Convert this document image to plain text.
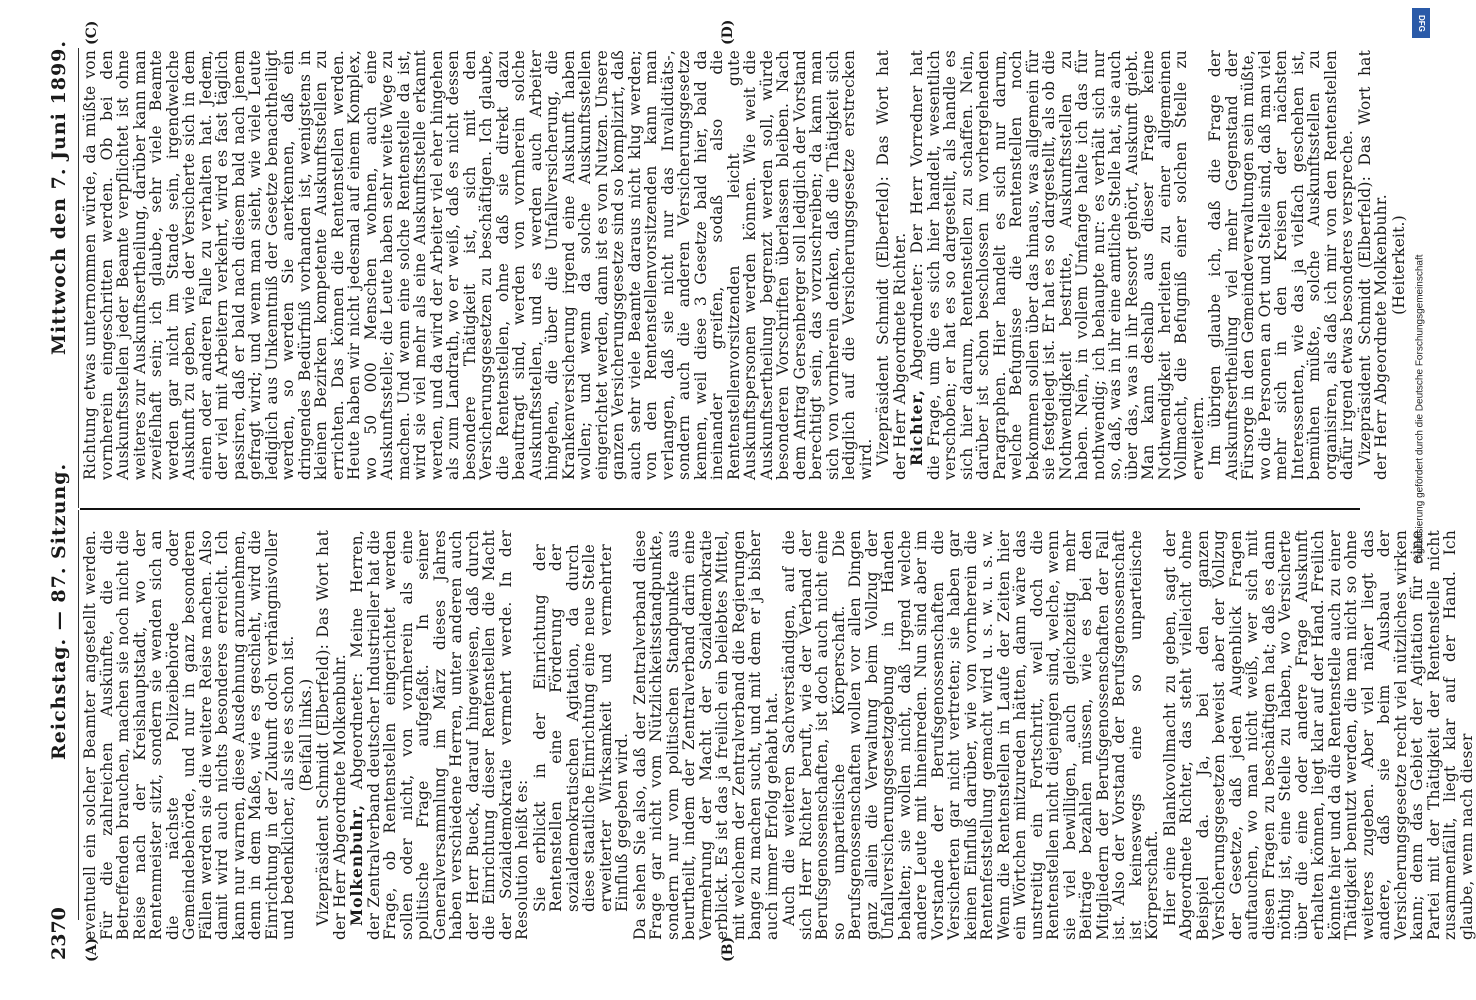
2370
Reichstag. — 87. Sitzung.
Mittwoch den 7. Juni 1899.
(A)	(B)
(C)	(D)

eventuell ein solcher Beamter angestellt werden. Für die zahlreichen Auskünfte, die die Betreffenden brauchen, machen sie noch nicht die Reise nach der Kreishauptstadt, wo der Rentenmeister sitzt, sondern sie wenden sich an die nächste Polizeibehörde oder Gemeindebehörde, und nur in ganz besonderen Fällen werden sie die weitere Reise machen. Also damit wird auch nichts besonderes erreicht. Ich kann nur warnen, diese Ausdehnung anzunehmen, denn in dem Maße, wie es geschieht, wird die Einrichtung in der Zukunft doch verhängnisvoller und bedenklicher, als sie es schon ist. (Beifall links.) Vizepräsident Schmidt (Elberfeld): Das Wort hat der Herr Abgeordnete Molkenbuhr.

Molkenbuhr, Abgeordneter: Meine Herren, der Zentralverband deutscher Industrieller hat die Frage, ob Rentenstellen eingerichtet werden sollen oder nicht, von vornherein als eine politische Frage aufgefaßt. In seiner Generalversammlung im März dieses Jahres haben verschiedene Herren, unter anderen auch der Herr Bueck, darauf hingewiesen, daß durch die Einrichtung dieser Rentenstellen die Macht der Sozialdemokratie vermehrt werde. In der Resolution heißt es: Sie erblickt in der Einrichtung der Rentenstellen eine Förderung der sozialdemokratischen Agitation, da durch diese staatliche Einrichtung eine neue Stelle erweiterter Wirksamkeit und vermehrter Einfluß gegeben wird. Da sehen Sie also, daß der Zentralverband diese Frage gar nicht vom Nützlichkeitsstandpunkte, sondern nur vom politischen Standpunkte aus beurtheilt, indem der Zentralverband darin eine Vermehrung der Macht der Sozialdemokratie erblickt. Es ist das ja freilich ein beliebtes Mittel, mit welchem der Zentralverband die Regierungen bange zu machen sucht, und mit dem er ja bisher auch immer Erfolg gehabt hat. Auch die weiteren Sachverständigen, auf die sich Herr Richter beruft, wie der Verband der Berufsgenossenschaften, ist doch auch nicht eine so unparteiische Körperschaft. Die Berufsgenossenschaften wollen vor allen Dingen ganz allein die Verwaltung beim Vollzug der Unfallversicherungsgesetzgebung in Händen behalten; sie wollen nicht, daß irgend welche andere Leute mit hineinreden. Nun sind aber im Vorstande der Berufsgenossenschaften die Versicherten gar nicht vertreten; sie haben gar keinen Einfluß darüber, wie von vornherein die Rentenfeststellung gemacht wird u. s. w. u. s. w. Wenn die Rentenstellen in Laufe der Zeiten hier ein Wörtchen mitzureden hätten, dann wäre das unstreitig ein Fortschritt, weil doch die Rentenstellen nicht diejenigen sind, welche, wenn sie viel bewilligen, auch gleichzeitig mehr Beiträge bezahlen müssen, wie es bei den Mitgliedern der Berufsgenossenschaften der Fall ist. Also der Vorstand der Berufsgenossenschaft ist keineswegs eine so unparteiische Körperschaft. Hier eine Blankovollmacht zu geben, sagt der Abgeordnete Richter, das steht vielleicht ohne Beispiel da. Ja, bei den ganzen Versicherungsgesetzen beweist aber der Vollzug der Gesetze, daß jeden Augenblick Fragen auftauchen, wo man nicht weiß, wer sich mit diesen Fragen zu beschäftigen hat; daß es dann nöthig ist, eine Stelle zu haben, wo Versicherte über die eine oder andere Frage Auskunft erhalten können, liegt klar auf der Hand. Freilich könnte hier und da die Rentenstelle auch zu einer Thätigkeit benutzt werden, die man nicht so ohne weiteres zugeben. Aber viel näher liegt das andere, daß sie beim Ausbau der Versicherungsgesetze recht viel nützliches wirken kann; denn das Gebiet der Agitation für eine Partei mit der Thätigkeit der Rentenstelle nicht zusammenfällt, liegt klar auf der Hand. Ich glaube, wenn nach dieser

Richtung etwas unternommen würde, da müßte von vornherein eingeschritten werden. Ob bei den Auskunftsstellen jeder Beamte verpflichtet ist ohne weiteres zur Auskunftsertheilung, darüber kann man zweifelhaft sein; ich glaube, sehr viele Beamte werden gar nicht im Stande sein, irgendwelche Auskunft zu geben, wie der Versicherte sich in dem einen oder anderen Falle zu verhalten hat. Jedem, der viel mit Arbeitern verkehrt, wird es fast täglich passiren, daß er bald nach diesem bald nach jenem gefragt wird; und wenn man sieht, wie viele Leute lediglich aus Unkenntniß der Gesetze benachtheiligt werden, so werden Sie anerkennen, daß ein dringendes Bedürfniß vorhanden ist, wenigstens in kleinen Bezirken kompetente Auskunftsstellen zu errichten. Das können die Rentenstellen werden. Heute haben wir nicht jedesmal auf einem Komplex, wo 50 000 Menschen wohnen, auch eine Auskunftsstelle; die Leute haben sehr weite Wege zu machen. Und wenn eine solche Rentenstelle da ist, wird sie viel mehr als eine Auskunftsstelle erkannt werden, und da wird der Arbeiter viel eher hingehen als zum Landrath, wo er weiß, daß es nicht dessen besondere Thätigkeit ist, sich mit den Versicherungsgesetzen zu beschäftigen. Ich glaube, die Rentenstellen, ohne daß sie direkt dazu beauftragt sind, werden von vornherein solche Auskunftsstellen, und es werden auch Arbeiter hingehen, die über die Unfallversicherung, die Krankenversicherung irgend eine Auskunft haben wollen; und wenn da solche Auskunftsstellen eingerichtet werden, dann ist es von Nutzen. Unsere ganzen Versicherungsgesetze sind so komplizirt, daß auch sehr viele Beamte daraus nicht klug werden; von den Rentenstellenvorsitzenden kann man verlangen, daß sie nicht nur das Invaliditäts-, sondern auch die anderen Versicherungsgesetze kennen, weil diese 3 Gesetze bald hier, bald da ineinander greifen, sodaß also die Rentenstellenvorsitzenden leicht gute Auskunftspersonen werden können. Wie weit die Auskunftsertheilung begrenzt werden soll, würde besonderen Vorschriften überlassen bleiben. Nach dem Antrag Gersenberger soll lediglich der Vorstand berechtigt sein, das vorzuschreiben; da kann man sich von vornherein denken, daß die Thätigkeit sich lediglich auf die Versicherungsgesetze erstrecken wird. Vizepräsident Schmidt (Elberfeld): Das Wort hat der Herr Abgeordnete Richter.

Richter, Abgeordneter: Der Herr Vorredner hat die Frage, um die es sich hier handelt, wesentlich verschoben; er hat es so dargestellt, als handle es sich hier darum, Rentenstellen zu schaffen. Nein, darüber ist schon beschlossen im vorhergehenden Paragraphen. Hier handelt es sich nur darum, welche Befugnisse die Rentenstellen noch bekommen sollen über das hinaus, was allgemein für sie festgelegt ist. Er hat es so dargestellt, als ob die Nothwendigkeit bestritte, Auskunftsstellen zu haben. Nein, in vollem Umfange halte ich das für nothwendig; ich behaupte nur: es verhält sich nur so, daß, was in ihr eine amtliche Stelle hat, sie auch über das, was in ihr Ressort gehört, Auskunft giebt. Man kann deshalb aus dieser Frage keine Nothwendigkeit herleiten zu einer allgemeinen Vollmacht, die Befugniß einer solchen Stelle zu erweitern. Im übrigen glaube ich, daß die Frage der Auskunftsertheilung viel mehr Gegenstand der Fürsorge in den Gemeindeverwaltungen sein müßte, wo die Personen an Ort und Stelle sind, daß man viel mehr sich in den Kreisen der nächsten Interessenten, wie das ja vielfach geschehen ist, bemühen müßte, solche Auskunftsstellen zu organisiren, als daß ich mir von den Rentenstellen dafür irgend etwas besonderes verspreche. Vizepräsident Schmidt (Elberfeld): Das Wort hat der Herr Abgeordnete Molkenbuhr. (Heiterkeit.) Digitalisierung gefördert durch die Deutsche Forschungsgemeinschaft
DFG
